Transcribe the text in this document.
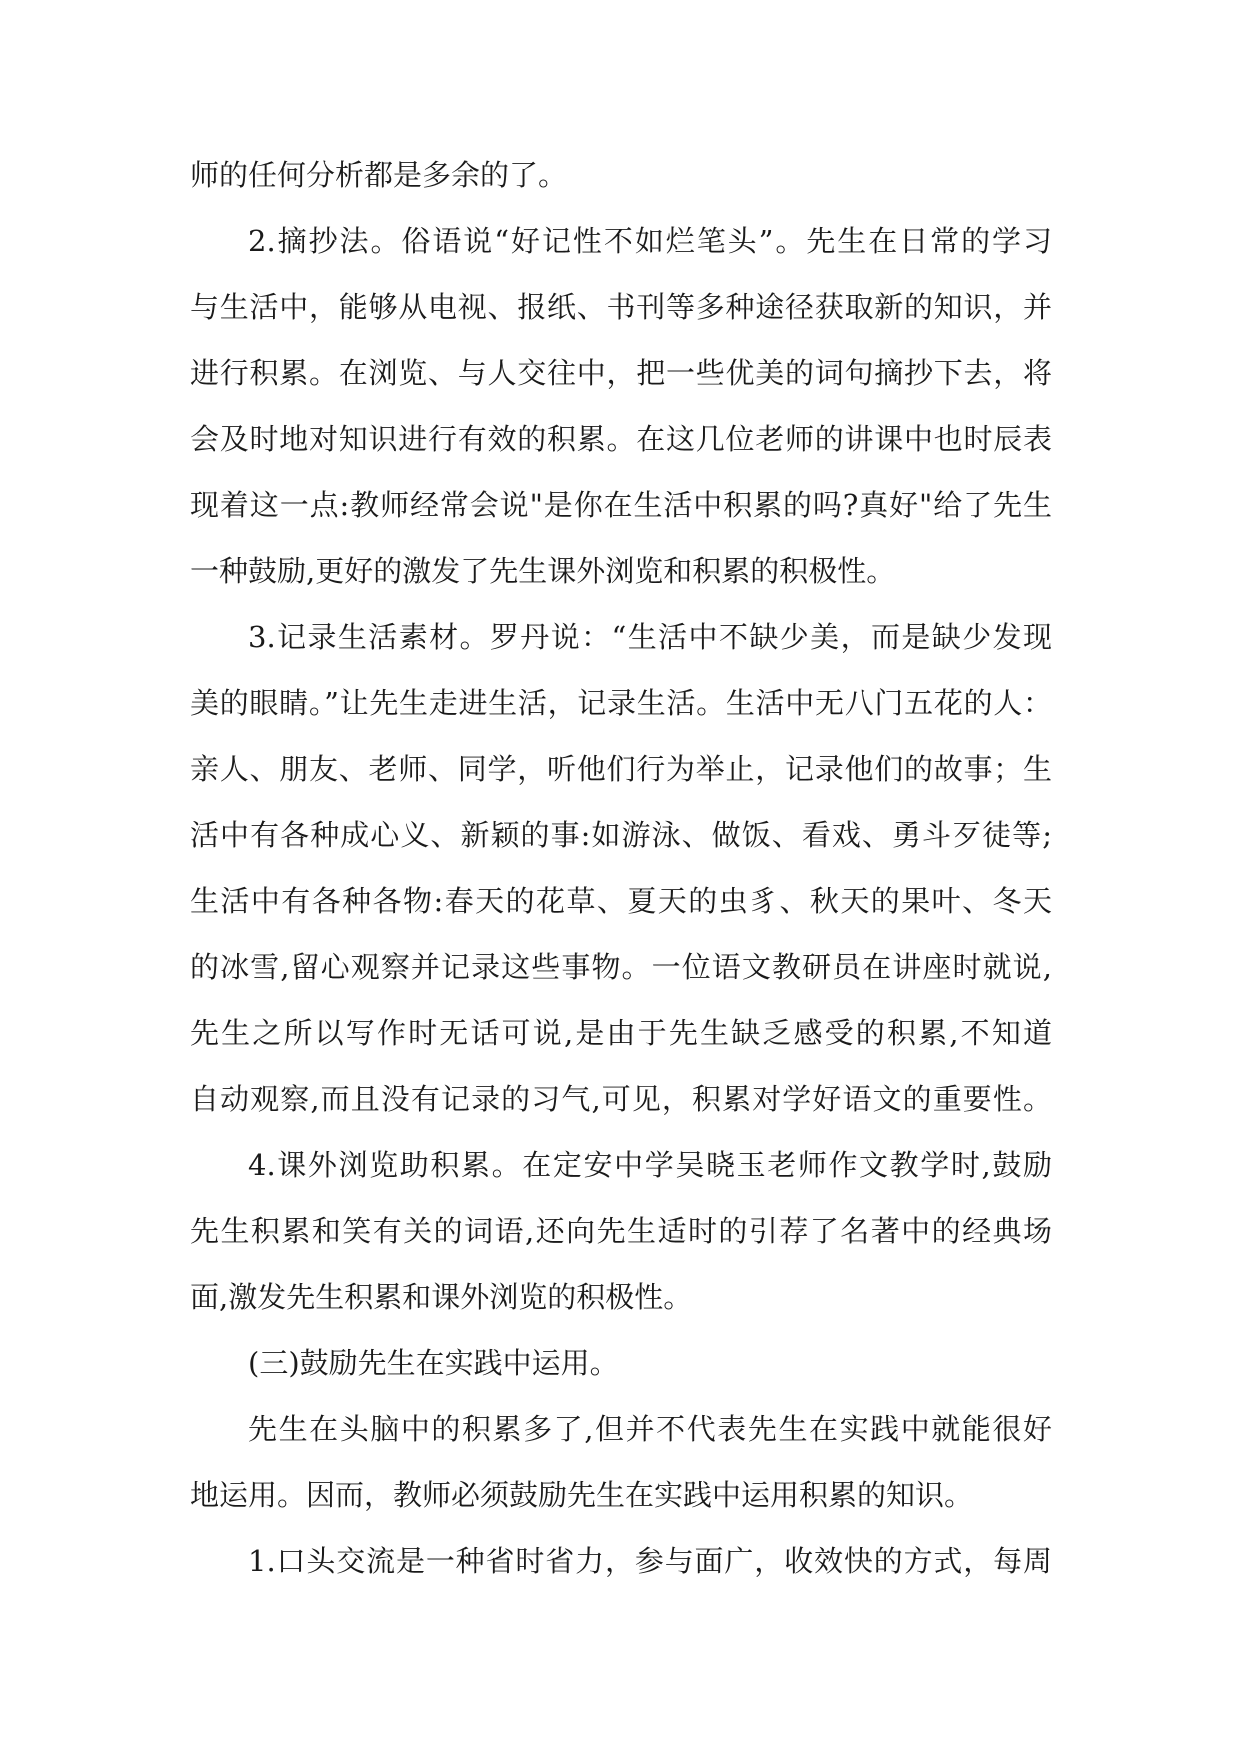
师的任何分析都是多余的了。
2.摘抄法。俗语说“好记性不如烂笔头”。先生在日常的学习
与生活中，能够从电视、报纸、书刊等多种途径获取新的知识，并
进行积累。在浏览、与人交往中，把一些优美的词句摘抄下去，将
会及时地对知识进行有效的积累。在这几位老师的讲课中也时辰表
现着这一点:教师经常会说"是你在生活中积累的吗?真好"给了先生
一种鼓励,更好的激发了先生课外浏览和积累的积极性。
3.记录生活素材。罗丹说：“生活中不缺少美，而是缺少发现
美的眼睛。”让先生走进生活，记录生活。生活中无八门五花的人：
亲人、朋友、老师、同学，听他们行为举止，记录他们的故事；生
活中有各种成心义、新颖的事:如游泳、做饭、看戏、勇斗歹徒等;
生活中有各种各物:春天的花草、夏天的虫豸、秋天的果叶、冬天
的冰雪,留心观察并记录这些事物。一位语文教研员在讲座时就说,
先生之所以写作时无话可说,是由于先生缺乏感受的积累,不知道
自动观察,而且没有记录的习气,可见，积累对学好语文的重要性。
4.课外浏览助积累。在定安中学吴晓玉老师作文教学时,鼓励
先生积累和笑有关的词语,还向先生适时的引荐了名著中的经典场
面,激发先生积累和课外浏览的积极性。
(三)鼓励先生在实践中运用。
先生在头脑中的积累多了,但并不代表先生在实践中就能很好
地运用。因而，教师必须鼓励先生在实践中运用积累的知识。
1.口头交流是一种省时省力，参与面广，收效快的方式，每周
